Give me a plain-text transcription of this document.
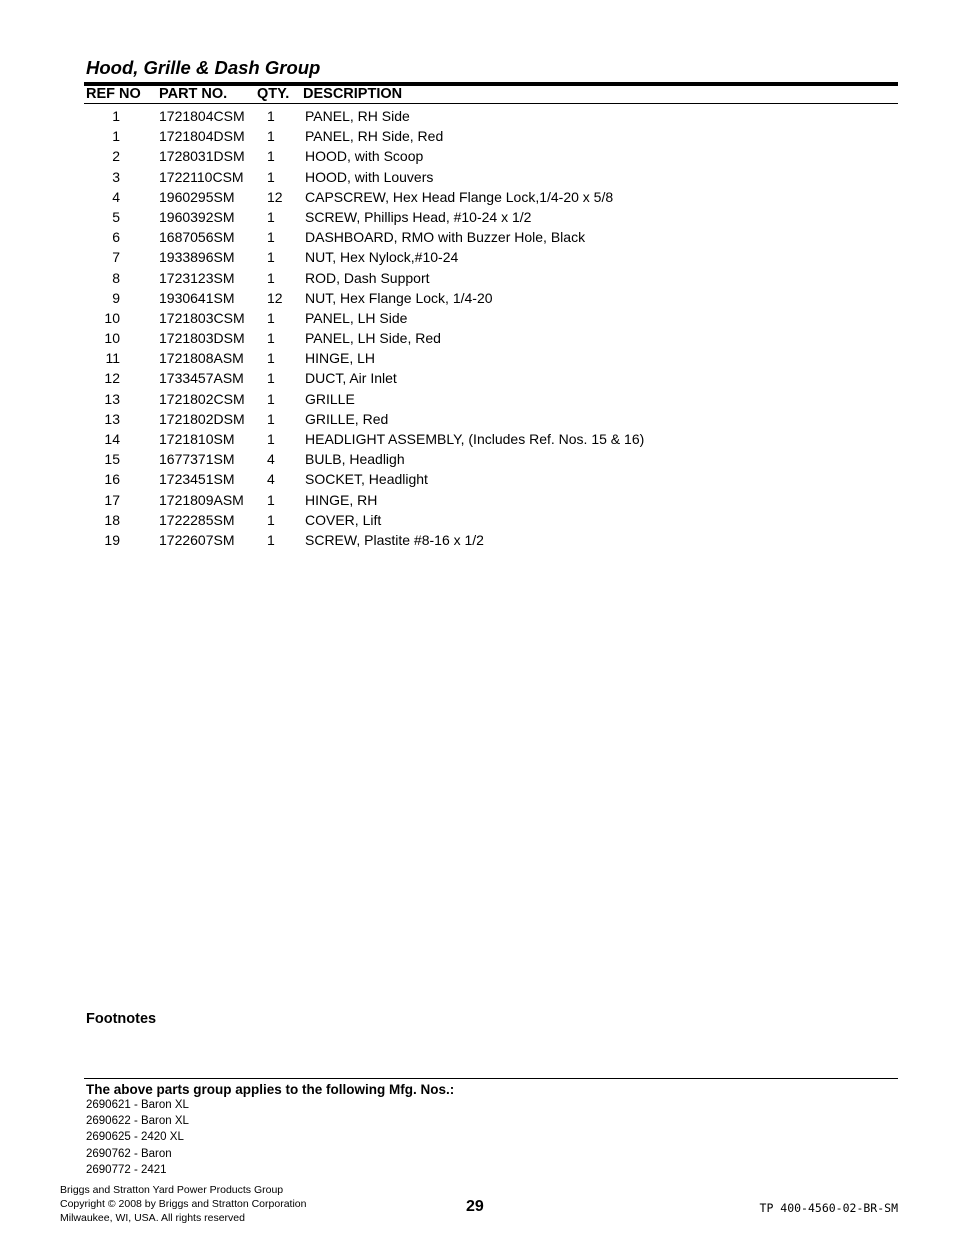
Hood, Grille & Dash Group
REF NO PART NO. QTY. DESCRIPTION
1	1721804CSM 1 PANEL, RH Side
1	1721804DSM 1 PANEL, RH Side, Red
2	1728031DSM 1 HOOD, with Scoop
3	1722110CSM 1 HOOD, with Louvers
4	1960295SM 12 CAPSCREW, Hex Head Flange Lock,1/4-20 x 5/8
5	1960392SM 1 SCREW, Phillips Head, #10-24 x 1/2
6	1687056SM 1 DASHBOARD, RMO with Buzzer Hole, Black
7	1933896SM 1 NUT, Hex Nylock,#10-24
8	1723123SM 1 ROD, Dash Support
9	1930641SM 12 NUT, Hex Flange Lock, 1/4-20
10	1721803CSM 1 PANEL, LH Side
10	1721803DSM 1 PANEL, LH Side, Red
11	1721808ASM 1 HINGE, LH
12	1733457ASM 1 DUCT, Air Inlet
13	1721802CSM 1 GRILLE
13	1721802DSM 1 GRILLE, Red
14	1721810SM 1 HEADLIGHT ASSEMBLY, (Includes Ref. Nos. 15 & 16)
15	1677371SM 4 BULB, Headligh
16	1723451SM 4 SOCKET, Headlight
17	1721809ASM 1 HINGE, RH
18	1722285SM 1 COVER, Lift
19	1722607SM 1 SCREW, Plastite #8-16 x 1/2
Footnotes
The above parts group applies to the following Mfg. Nos.:
2690621 - Baron XL
2690622 - Baron XL
2690625 - 2420 XL
2690762 - Baron
2690772 - 2421
Briggs and Stratton Yard Power Products Group
Copyright © 2008 by Briggs and Stratton Corporation
Milwaukee, WI, USA. All rights reserved
29	TP 400-4560-02-BR-SM
